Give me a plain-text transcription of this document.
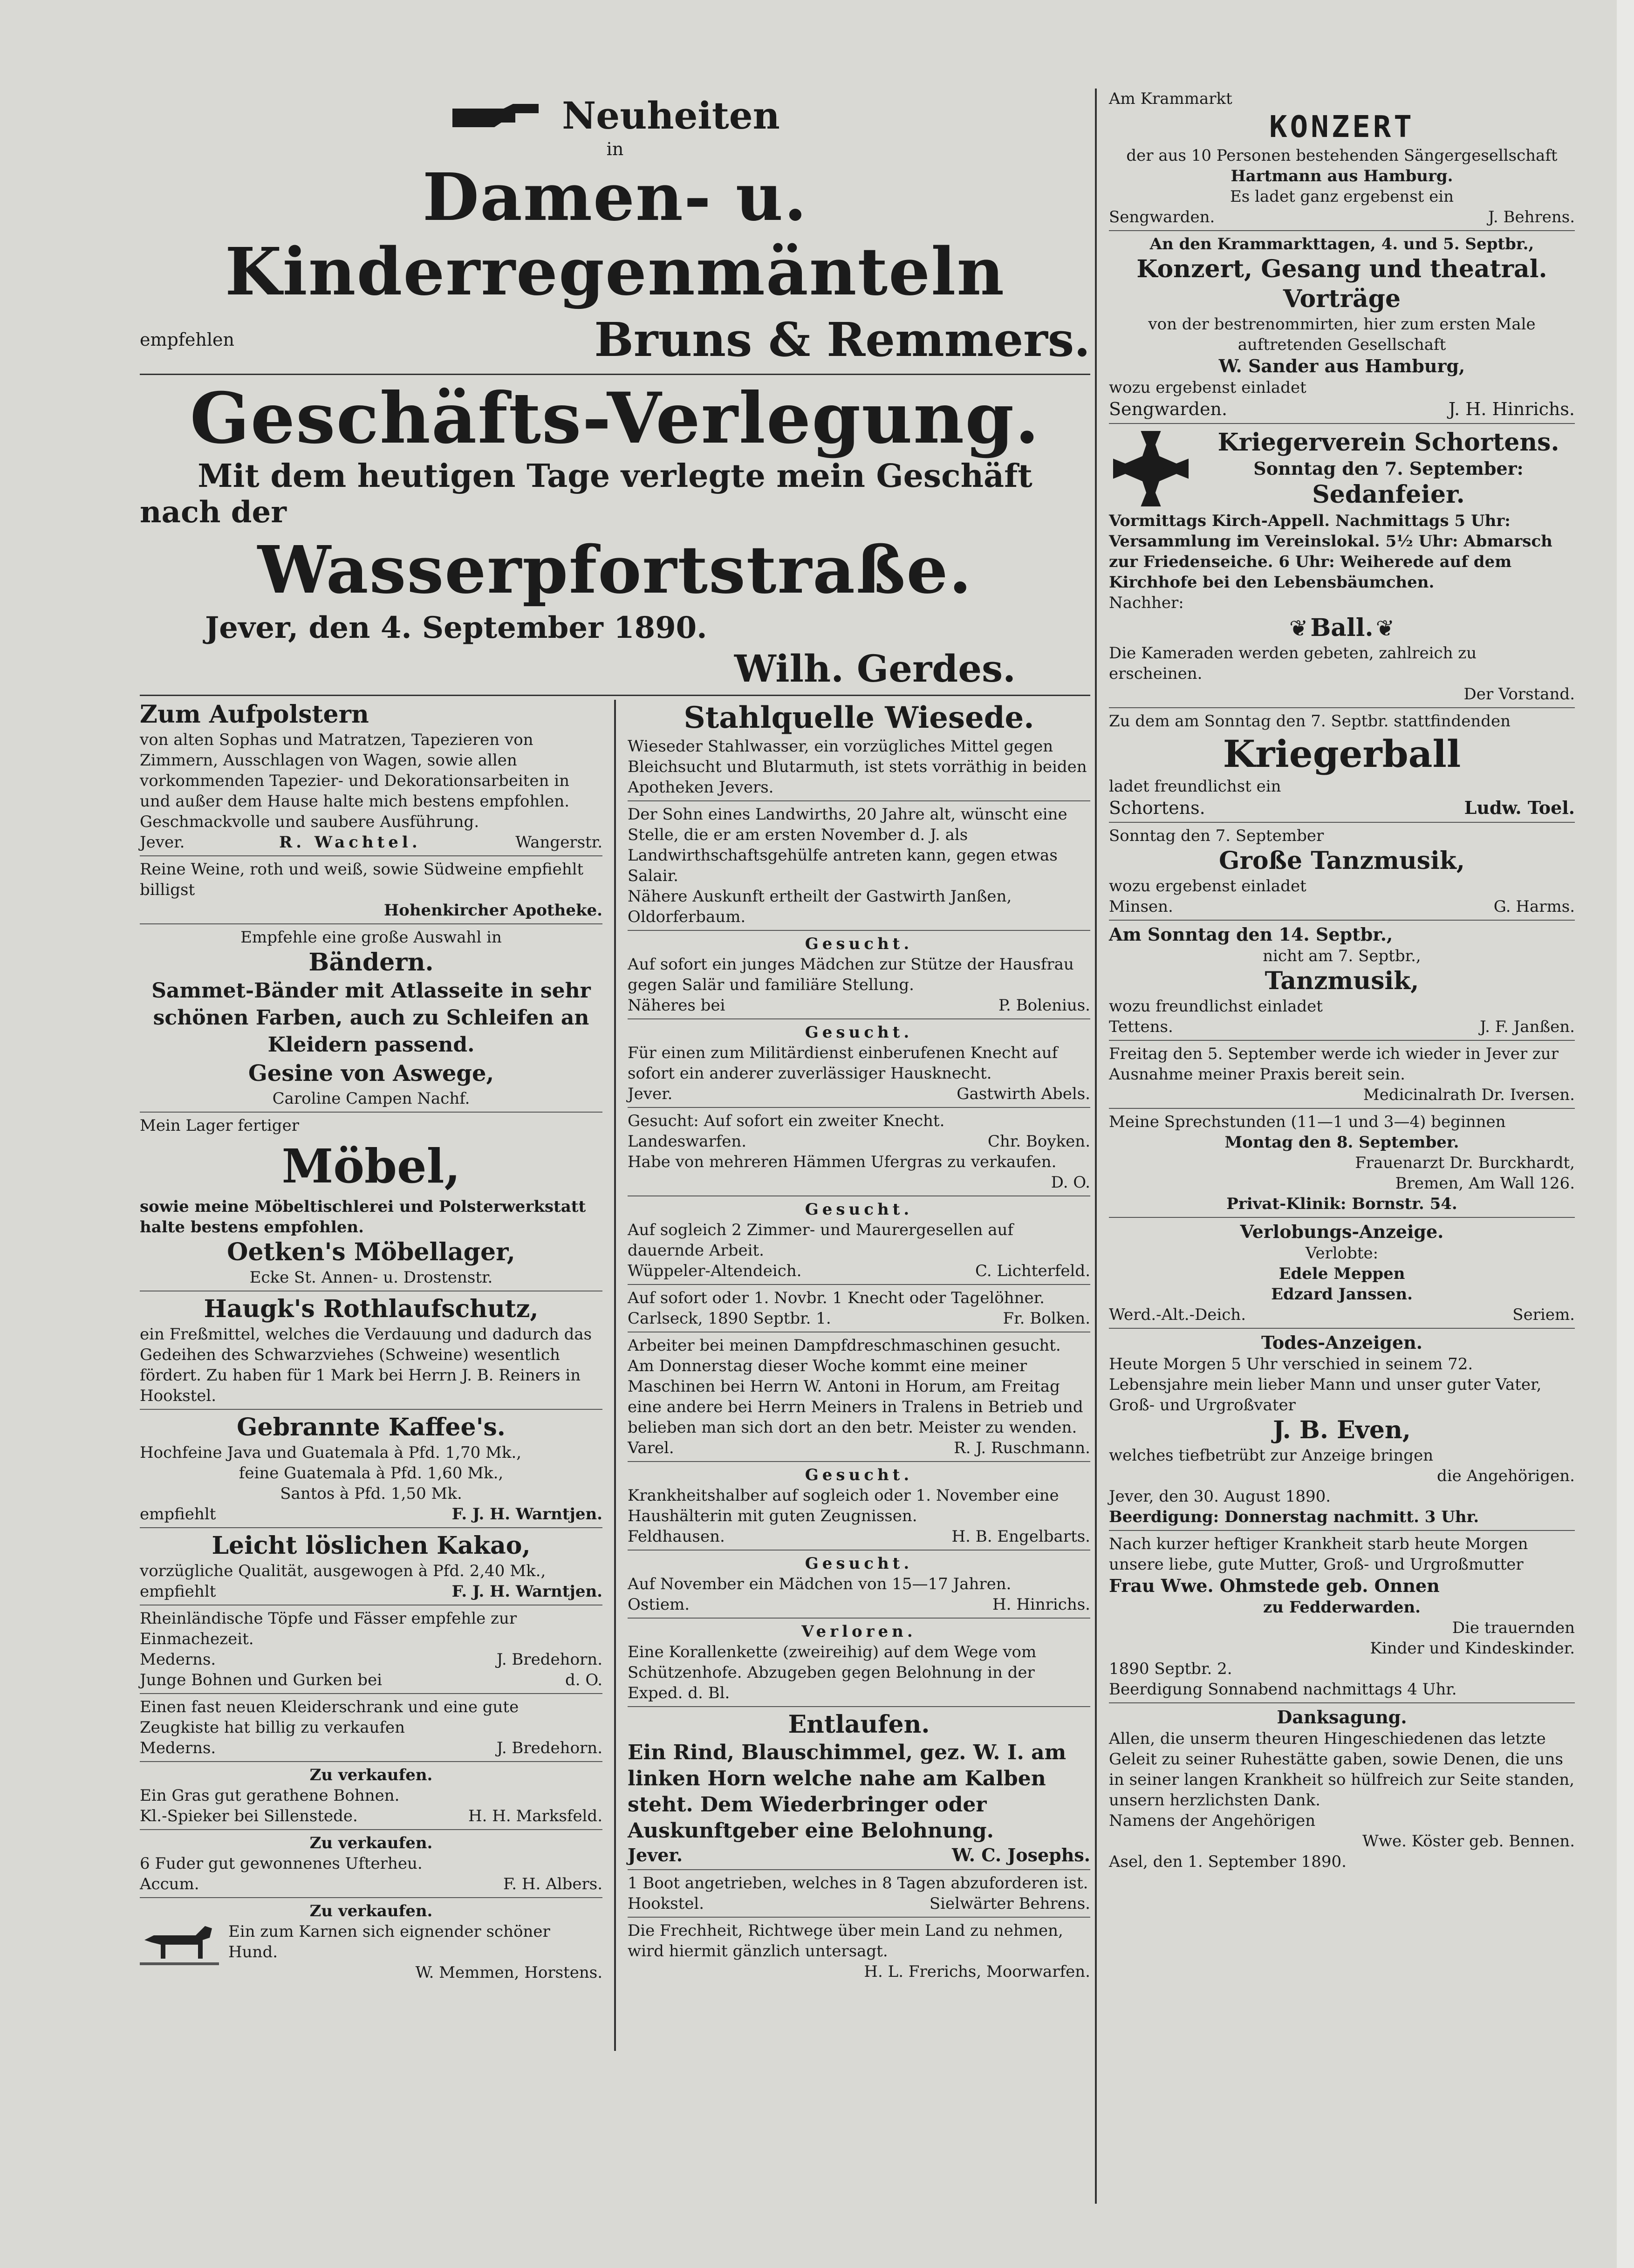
Neuheiten
in
Damen- u. Kinderregenmänteln
empfehlen	Bruns & Remmers.
Geschäfts-Verlegung.
Mit dem heutigen Tage verlegte mein Geschäft
nach der
Wasserpfortstraße.
Jever, den 4. September 1890.
Wilh. Gerdes.
Zum Aufpolstern
von alten Sophas und Matratzen, Tapezieren von Zimmern, Ausschlagen von Wagen, sowie allen vorkommenden Tapezier- und Dekorationsarbeiten in und außer dem Hause halte mich bestens empfohlen. Geschmackvolle und saubere Ausführung.
Jever.	R. Wachtel.	Wangerstr.
Reine Weine, roth und weiß, sowie Südweine empfiehlt billigst
Hohenkircher Apotheke.
Empfehle eine große Auswahl in
Bändern.
Sammet-Bänder mit Atlasseite in sehr schönen Farben, auch zu Schleifen an Kleidern passend.
Gesine von Aswege,
Caroline Campen Nachf.
Mein Lager fertiger
Möbel,
sowie meine Möbeltischlerei und Polsterwerkstatt halte bestens empfohlen.
Oetken's Möbellager,
Ecke St. Annen- u. Drostenstr.
Haugk's Rothlaufschutz,
ein Freßmittel, welches die Verdauung und dadurch das Gedeihen des Schwarzviehes (Schweine) wesentlich fördert. Zu haben für 1 Mark bei Herrn J. B. Reiners in Hookstel.
Gebrannte Kaffee's.
Hochfeine Java und Guatemala à Pfd. 1,70 Mk.,
feine Guatemala à Pfd. 1,60 Mk.,
Santos à Pfd. 1,50 Mk.
empfiehlt	F. J. H. Warntjen.
Leicht löslichen Kakao,
vorzügliche Qualität, ausgewogen à Pfd. 2,40 Mk.,
empfiehlt	F. J. H. Warntjen.
Rheinländische Töpfe und Fässer empfehle zur Einmachezeit.
Mederns.	J. Bredehorn.
Junge Bohnen und Gurken bei	d. O.
Einen fast neuen Kleiderschrank und eine gute Zeugkiste hat billig zu verkaufen
Mederns.	J. Bredehorn.
Zu verkaufen.
Ein Gras gut gerathene Bohnen.
Kl.-Spieker bei Sillenstede.	H. H. Marksfeld.
Zu verkaufen.
6 Fuder gut gewonnenes Ufterheu.
Accum.	F. H. Albers.
Zu verkaufen.
Ein zum Karnen sich eignender schöner Hund.
W. Memmen, Horstens.
Stahlquelle Wiesede.
Wieseder Stahlwasser, ein vorzügliches Mittel gegen Bleichsucht und Blutarmuth, ist stets vorräthig in beiden Apotheken Jevers.
Der Sohn eines Landwirths, 20 Jahre alt, wünscht eine Stelle, die er am ersten November d. J. als Landwirthschaftsgehülfe antreten kann, gegen etwas Salair.
Nähere Auskunft ertheilt der Gastwirth Janßen, Oldorferbaum.
Gesucht.
Auf sofort ein junges Mädchen zur Stütze der Hausfrau gegen Salär und familiäre Stellung.
Näheres bei	P. Bolenius.
Gesucht.
Für einen zum Militärdienst einberufenen Knecht auf sofort ein anderer zuverlässiger Hausknecht.
Jever.	Gastwirth Abels.
Gesucht: Auf sofort ein zweiter Knecht.
Landeswarfen.	Chr. Boyken.
Habe von mehreren Hämmen Ufergras zu verkaufen.
D. O.
Gesucht.
Auf sogleich 2 Zimmer- und Maurergesellen auf dauernde Arbeit.
Wüppeler-Altendeich.	C. Lichterfeld.
Auf sofort oder 1. Novbr. 1 Knecht oder Tagelöhner.
Carlseck, 1890 Septbr. 1.	Fr. Bolken.
Arbeiter bei meinen Dampfdreschmaschinen gesucht. Am Donnerstag dieser Woche kommt eine meiner Maschinen bei Herrn W. Antoni in Horum, am Freitag eine andere bei Herrn Meiners in Tralens in Betrieb und belieben man sich dort an den betr. Meister zu wenden.
Varel.	R. J. Ruschmann.
Gesucht.
Krankheitshalber auf sogleich oder 1. November eine Haushälterin mit guten Zeugnissen.
Feldhausen.	H. B. Engelbarts.
Gesucht.
Auf November ein Mädchen von 15—17 Jahren.
Ostiem.	H. Hinrichs.
Verloren.
Eine Korallenkette (zweireihig) auf dem Wege vom Schützenhofe. Abzugeben gegen Belohnung in der Exped. d. Bl.
Entlaufen.
Ein Rind, Blauschimmel, gez. W. I. am linken Horn welche nahe am Kalben steht. Dem Wiederbringer oder Auskunftgeber eine Belohnung.
Jever.	W. C. Josephs.
1 Boot angetrieben, welches in 8 Tagen abzuforderen ist.
Hookstel.	Sielwärter Behrens.
Die Frechheit, Richtwege über mein Land zu nehmen, wird hiermit gänzlich untersagt.
H. L. Frerichs, Moorwarfen.
Am Krammarkt
KONZERT
der aus 10 Personen bestehenden Sängergesellschaft
Hartmann aus Hamburg.
Es ladet ganz ergebenst ein
Sengwarden.	J. Behrens.
An den Krammarkttagen, 4. und 5. Septbr.,
Konzert, Gesang und theatral. Vorträge
von der bestrenommirten, hier zum ersten Male auftretenden Gesellschaft
W. Sander aus Hamburg,
wozu ergebenst einladet
Sengwarden.	J. H. Hinrichs.
Kriegerverein Schortens.
Sonntag den 7. September:
Sedanfeier.
Vormittags Kirch-Appell. Nachmittags 5 Uhr: Versammlung im Vereinslokal. 5½ Uhr: Abmarsch zur Friedenseiche. 6 Uhr: Weiherede auf dem Kirchhofe bei den Lebensbäumchen.
Nachher:
❦ Ball. ❦
Die Kameraden werden gebeten, zahlreich zu erscheinen.
Der Vorstand.
Zu dem am Sonntag den 7. Septbr. stattfindenden
Kriegerball
ladet freundlichst ein
Schortens.	Ludw. Toel.
Sonntag den 7. September
Große Tanzmusik,
wozu ergebenst einladet
Minsen.	G. Harms.
Am Sonntag den 14. Septbr.,
nicht am 7. Septbr.,
Tanzmusik,
wozu freundlichst einladet
Tettens.	J. F. Janßen.
Freitag den 5. September werde ich wieder in Jever zur Ausnahme meiner Praxis bereit sein.
Medicinalrath Dr. Iversen.
Meine Sprechstunden (11—1 und 3—4) beginnen
Montag den 8. September.
Frauenarzt Dr. Burckhardt,
Bremen, Am Wall 126.
Privat-Klinik: Bornstr. 54.
Verlobungs-Anzeige.
Verlobte:
Edele Meppen
Edzard Janssen.
Werd.-Alt.-Deich.	Seriem.
Todes-Anzeigen.
Heute Morgen 5 Uhr verschied in seinem 72. Lebensjahre mein lieber Mann und unser guter Vater, Groß- und Urgroßvater
J. B. Even,
welches tiefbetrübt zur Anzeige bringen
die Angehörigen.
Jever, den 30. August 1890.
Beerdigung: Donnerstag nachmitt. 3 Uhr.
Nach kurzer heftiger Krankheit starb heute Morgen unsere liebe, gute Mutter, Groß- und Urgroßmutter
Frau Wwe. Ohmstede geb. Onnen
zu Fedderwarden.
Die trauernden
Kinder und Kindeskinder.
1890 Septbr. 2.
Beerdigung Sonnabend nachmittags 4 Uhr.
Danksagung.
Allen, die unserm theuren Hingeschiedenen das letzte Geleit zu seiner Ruhestätte gaben, sowie Denen, die uns in seiner langen Krankheit so hülfreich zur Seite standen, unsern herzlichsten Dank.
Namens der Angehörigen
Wwe. Köster geb. Bennen.
Asel, den 1. September 1890.
